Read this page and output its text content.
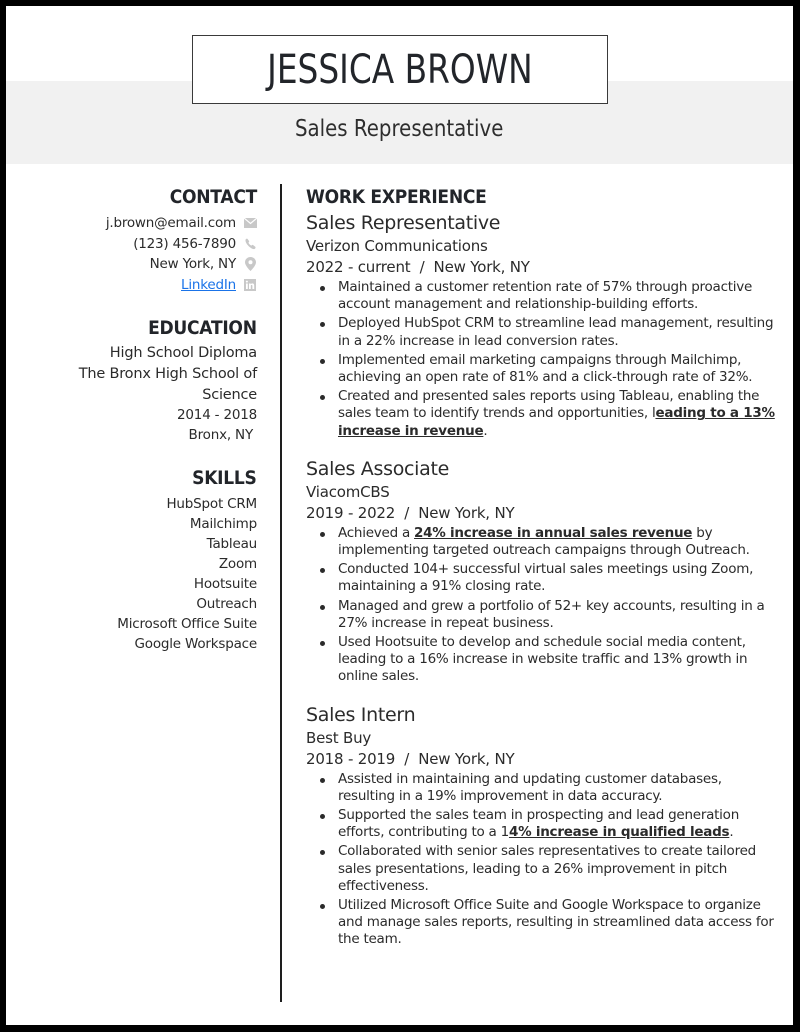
JESSICA BROWN
Sales Representative
CONTACT
j.brown@email.com
(123) 456-7890
New York, NY
LinkedIn
EDUCATION
High School Diploma
The Bronx High School of
Science
2014 - 2018
Bronx, NY
SKILLS
HubSpot CRM
Mailchimp
Tableau
Zoom
Hootsuite
Outreach
Microsoft Office Suite
Google Workspace
WORK EXPERIENCE
Sales Representative
Verizon Communications
2022 - current  /  New York, NY
Maintained a customer retention rate of 57% through proactive account management and relationship-building efforts.
Deployed HubSpot CRM to streamline lead management, resulting in a 22% increase in lead conversion rates.
Implemented email marketing campaigns through Mailchimp, achieving an open rate of 81% and a click-through rate of 32%.
Created and presented sales reports using Tableau, enabling the sales team to identify trends and opportunities, leading to a 13% increase in revenue.
Sales Associate
ViacomCBS
2019 - 2022  /  New York, NY
Achieved a 24% increase in annual sales revenue by implementing targeted outreach campaigns through Outreach.
Conducted 104+ successful virtual sales meetings using Zoom, maintaining a 91% closing rate.
Managed and grew a portfolio of 52+ key accounts, resulting in a 27% increase in repeat business.
Used Hootsuite to develop and schedule social media content, leading to a 16% increase in website traffic and 13% growth in online sales.
Sales Intern
Best Buy
2018 - 2019  /  New York, NY
Assisted in maintaining and updating customer databases, resulting in a 19% improvement in data accuracy.
Supported the sales team in prospecting and lead generation efforts, contributing to a 14% increase in qualified leads.
Collaborated with senior sales representatives to create tailored sales presentations, leading to a 26% improvement in pitch effectiveness.
Utilized Microsoft Office Suite and Google Workspace to organize and manage sales reports, resulting in streamlined data access for the team.
